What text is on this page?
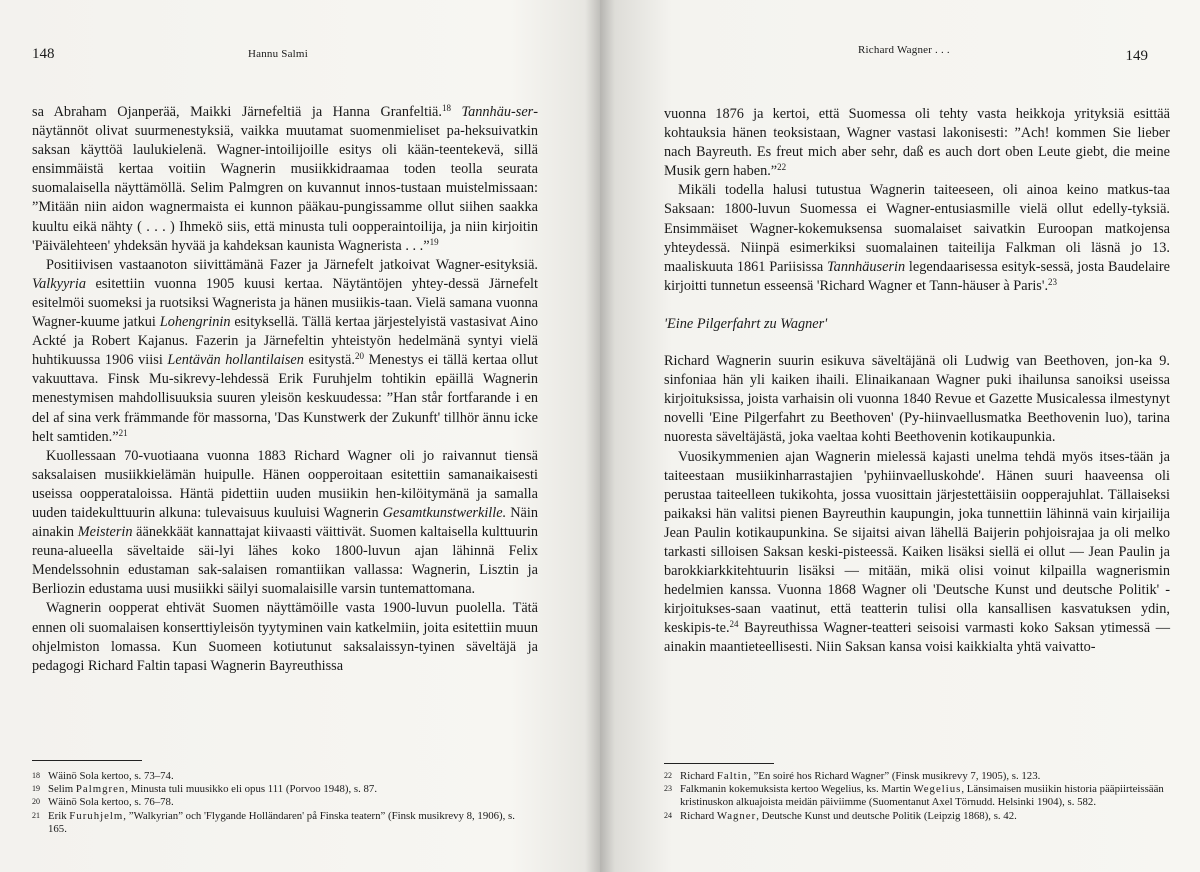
148	Hannu Salmi

sa Abraham Ojanperää, Maikki Järnefeltiä ja Hanna Granfeltiä.$^{18}$ Tannhäu-ser-näytännöt olivat suurmenestyksiä, vaikka muutamat suomenmieliset pa-heksuivatkin saksan käyttöä laulukielenä. Wagner-intoilijoille esitys oli kään-teentekevä, sillä ensimmäistä kertaa voitiin Wagnerin musiikkidraamaa toden teolla seurata suomalaisella näyttämöllä. Selim Palmgren on kuvannut innos-tustaan muistelmissaan: ”Mitään niin aidon wagnermaista ei kunnon pääkau-pungissamme ollut siihen saakka kuultu eikä nähty ( . . . ) Ihmekö siis, että minusta tuli oopperaintoilija, ja niin kirjoitin 'Päivälehteen' yhdeksän hyvää ja kahdeksan kaunista Wagnerista . . .”$^{19}$

Positiivisen vastaanoton siivittämänä Fazer ja Järnefelt jatkoivat Wagner-esityksiä. Valkyyria esitettiin vuonna 1905 kuusi kertaa. Näytäntöjen yhtey-dessä Järnefelt esitelmöi suomeksi ja ruotsiksi Wagnerista ja hänen musiikis-taan. Vielä samana vuonna Wagner-kuume jatkui Lohengrinin esityksellä. Tällä kertaa järjestelyistä vastasivat Aino Ackté ja Robert Kajanus. Fazerin ja Järnefeltin yhteistyön hedelmänä syntyi vielä huhtikuussa 1906 viisi Lentävän hollantilaisen esitystä.$^{20}$ Menestys ei tällä kertaa ollut vakuuttava. Finsk Mu-sikrevy-lehdessä Erik Furuhjelm tohtikin epäillä Wagnerin menestymisen mahdollisuuksia suuren yleisön keskuudessa: ”Han står fortfarande i en del af sina verk främmande för massorna, 'Das Kunstwerk der Zukunft' tillhör ännu icke helt samtiden.”$^{21}$

Kuollessaan 70-vuotiaana vuonna 1883 Richard Wagner oli jo raivannut tiensä saksalaisen musiikkielämän huipulle. Hänen oopperoitaan esitettiin samanaikaisesti useissa oopperataloissa. Häntä pidettiin uuden musiikin hen-kilöitymänä ja samalla uuden taidekulttuurin alkuna: tulevaisuus kuuluisi Wagnerin Gesamtkunstwerkille. Näin ainakin Meisterin äänekkäät kannattajat kiivaasti väittivät. Suomen kaltaisella kulttuurin reuna-alueella säveltaide säi-lyi lähes koko 1800-luvun ajan lähinnä Felix Mendelssohnin edustaman sak-salaisen romantiikan vallassa: Wagnerin, Lisztin ja Berliozin edustama uusi musiikki säilyi suomalaisille varsin tuntemattomana.

Wagnerin oopperat ehtivät Suomen näyttämöille vasta 1900-luvun puolella. Tätä ennen oli suomalaisen konserttiyleisön tyytyminen vain katkelmiin, joita esitettiin muun ohjelmiston lomassa. Kun Suomeen kotiutunut saksalaissyn-tyinen säveltäjä ja pedagogi Richard Faltin tapasi Wagnerin Bayreuthissa

18 Wäinö Sola kertoo, s. 73–74.
19 Selim Palmgren, Minusta tuli muusikko eli opus 111 (Porvoo 1948), s. 87.
20 Wäinö Sola kertoo, s. 76–78.
21 Erik Furuhjelm, ”Walkyrian” och 'Flygande Holländaren' på Finska teatern” (Finsk musikrevy 8, 1906), s. 165.
Richard Wagner . . .	149

vuonna 1876 ja kertoi, että Suomessa oli tehty vasta heikkoja yrityksiä esittää kohtauksia hänen teoksistaan, Wagner vastasi lakonisesti: ”Ach! kommen Sie lieber nach Bayreuth. Es freut mich aber sehr, daß es auch dort oben Leute giebt, die meine Musik gern haben.”$^{22}$

Mikäli todella halusi tutustua Wagnerin taiteeseen, oli ainoa keino matkus-taa Saksaan: 1800-luvun Suomessa ei Wagner-entusiasmille vielä ollut edelly-tyksiä. Ensimmäiset Wagner-kokemuksensa suomalaiset saivatkin Euroopan matkojensa yhteydessä. Niinpä esimerkiksi suomalainen taiteilija Falkman oli läsnä jo 13. maaliskuuta 1861 Pariisissa Tannhäuserin legendaarisessa esityk-sessä, josta Baudelaire kirjoitti tunnetun esseensä 'Richard Wagner et Tann-häuser à Paris'.$^{23}$

'Eine Pilgerfahrt zu Wagner'

Richard Wagnerin suurin esikuva säveltäjänä oli Ludwig van Beethoven, jon-ka 9. sinfoniaa hän yli kaiken ihaili. Elinaikanaan Wagner puki ihailunsa sanoiksi useissa kirjoituksissa, joista varhaisin oli vuonna 1840 Revue et Gazette Musicalessa ilmestynyt novelli 'Eine Pilgerfahrt zu Beethoven' (Py-hiinvaellusmatka Beethovenin luo), tarina nuoresta säveltäjästä, joka vaeltaa kohti Beethovenin kotikaupunkia.

Vuosikymmenien ajan Wagnerin mielessä kajasti unelma tehdä myös itses-tään ja taiteestaan musiikinharrastajien 'pyhiinvaelluskohde'. Hänen suuri haaveensa oli perustaa taiteelleen tukikohta, jossa vuosittain järjestettäisiin oopperajuhlat. Tällaiseksi paikaksi hän valitsi pienen Bayreuthin kaupungin, joka tunnettiin lähinnä vain kirjailija Jean Paulin kotikaupunkina. Se sijaitsi aivan lähellä Baijerin pohjoisrajaa ja oli melko tarkasti silloisen Saksan keski-pisteessä. Kaiken lisäksi siellä ei ollut — Jean Paulin ja barokkiarkkitehtuurin lisäksi — mitään, mikä olisi voinut kilpailla wagnerismin hedelmien kanssa. Vuonna 1868 Wagner oli 'Deutsche Kunst und deutsche Politik' -kirjoitukses-saan vaatinut, että teatterin tulisi olla kansallisen kasvatuksen ydin, keskipis-te.$^{24}$ Bayreuthissa Wagner-teatteri seisoisi varmasti koko Saksan ytimessä — ainakin maantieteellisesti. Niin Saksan kansa voisi kaikkialta yhtä vaivatto-

22 Richard Faltin, ”En soiré hos Richard Wagner” (Finsk musikrevy 7, 1905), s. 123.
23 Falkmanin kokemuksista kertoo Wegelius, ks. Martin Wegelius, Länsimaisen musiikin historia pääpiirteissään kristinuskon alkuajoista meidän päiviimme (Suomentanut Axel Törnudd. Helsinki 1904), s. 582.
24 Richard Wagner, Deutsche Kunst und deutsche Politik (Leipzig 1868), s. 42.
